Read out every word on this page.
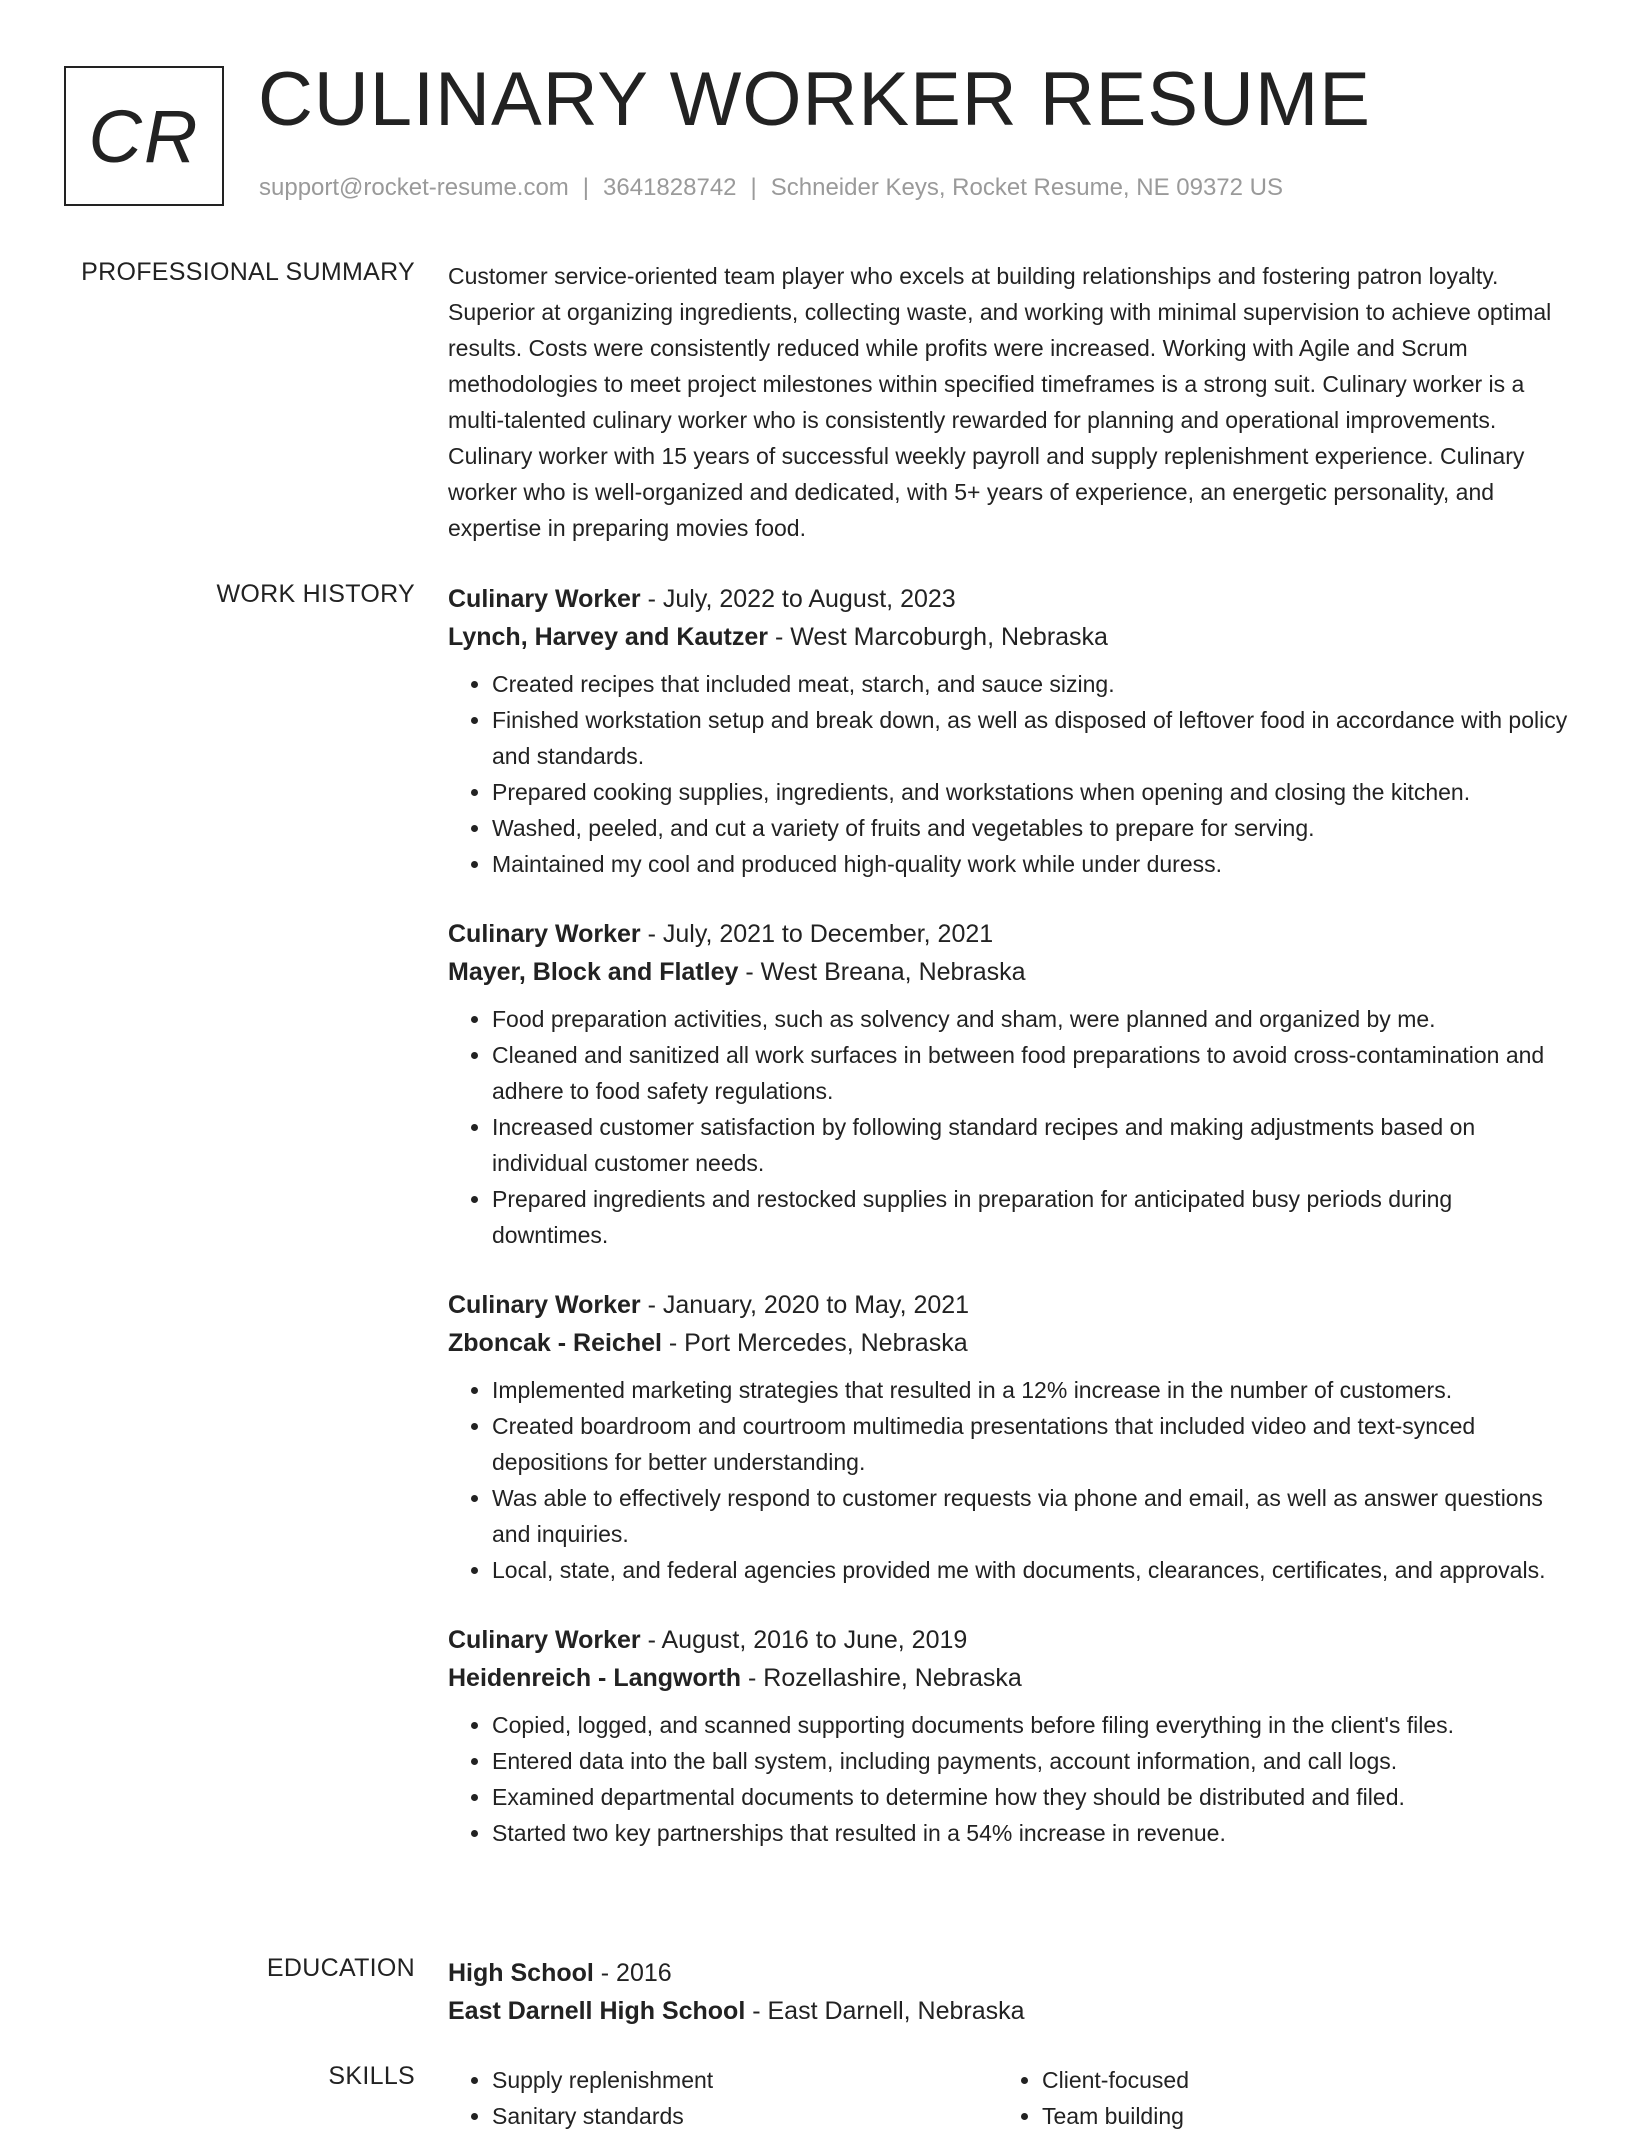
CR CULINARY WORKER RESUME
support@rocket-resume.com | 3641828742 | Schneider Keys, Rocket Resume, NE 09372 US
PROFESSIONAL SUMMARY Customer service-oriented team player who excels at building relationships and fostering patron loyalty. Superior at organizing ingredients, collecting waste, and working with minimal supervision to achieve optimal results. Costs were consistently reduced while profits were increased. Working with Agile and Scrum methodologies to meet project milestones within specified timeframes is a strong suit. Culinary worker is a multi-talented culinary worker who is consistently rewarded for planning and operational improvements. Culinary worker with 15 years of successful weekly payroll and supply replenishment experience. Culinary worker who is well-organized and dedicated, with 5+ years of experience, an energetic personality, and expertise in preparing movies food.
WORK HISTORY Culinary Worker - July, 2022 to August, 2023
Lynch, Harvey and Kautzer - West Marcoburgh, Nebraska
• Created recipes that included meat, starch, and sauce sizing.
• Finished workstation setup and break down, as well as disposed of leftover food in accordance with policy and standards.
• Prepared cooking supplies, ingredients, and workstations when opening and closing the kitchen.
• Washed, peeled, and cut a variety of fruits and vegetables to prepare for serving.
• Maintained my cool and produced high-quality work while under duress.
Culinary Worker - July, 2021 to December, 2021
Mayer, Block and Flatley - West Breana, Nebraska
• Food preparation activities, such as solvency and sham, were planned and organized by me.
• Cleaned and sanitized all work surfaces in between food preparations to avoid cross-contamination and adhere to food safety regulations.
• Increased customer satisfaction by following standard recipes and making adjustments based on individual customer needs.
• Prepared ingredients and restocked supplies in preparation for anticipated busy periods during downtimes.
Culinary Worker - January, 2020 to May, 2021
Zboncak - Reichel - Port Mercedes, Nebraska
• Implemented marketing strategies that resulted in a 12% increase in the number of customers.
• Created boardroom and courtroom multimedia presentations that included video and text-synced depositions for better understanding.
• Was able to effectively respond to customer requests via phone and email, as well as answer questions and inquiries.
• Local, state, and federal agencies provided me with documents, clearances, certificates, and approvals.
Culinary Worker - August, 2016 to June, 2019
Heidenreich - Langworth - Rozellashire, Nebraska
• Copied, logged, and scanned supporting documents before filing everything in the client's files.
• Entered data into the ball system, including payments, account information, and call logs.
• Examined departmental documents to determine how they should be distributed and filed.
• Started two key partnerships that resulted in a 54% increase in revenue.
EDUCATION High School - 2016
East Darnell High School - East Darnell, Nebraska
SKILLS
•	Supply replenishment
• Sanitary standards
• Client-focused
• Team building
